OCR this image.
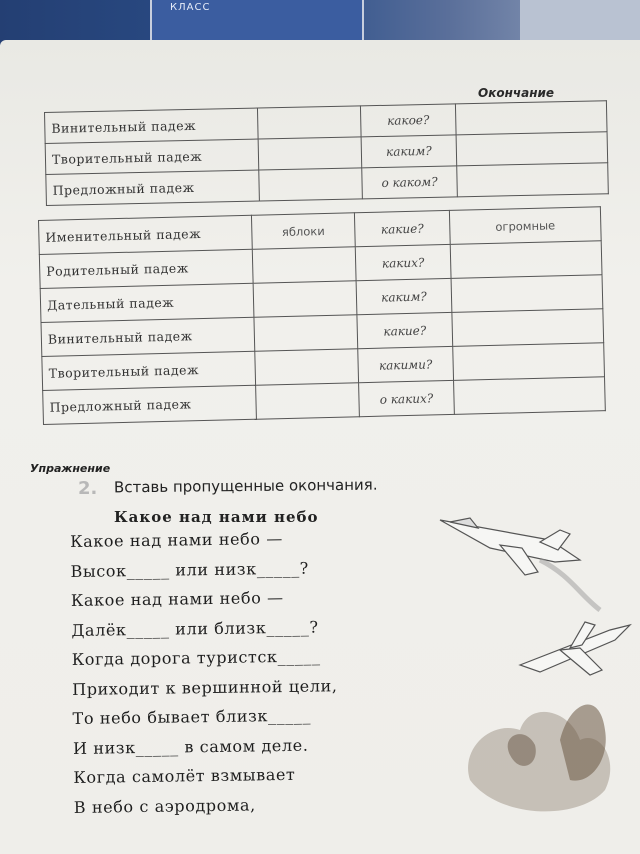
КЛАСС
Окончание
Винительный падеж		какое?	
Творительный падеж		каким?	
Предложный падеж		о каком?	
Именительный падеж	яблоки	какие?	огромные
Родительный падеж		каких?	
Дательный падеж		каким?	
Винительный падеж		какие?	
Творительный падеж		какими?	
Предложный падеж		о каких?	
Упражнение
2. Вставь пропущенные окончания.
Какое над нами небо
Какое над нами небо —
Высок_____ или низк_____?
Какое над нами небо —
Далёк_____ или близк_____?
Когда дорога туристск_____
Приходит к вершинной цели,
То небо бывает близк_____
И низк_____ в самом деле.
Когда самолёт взмывает
В небо с аэродрома,
